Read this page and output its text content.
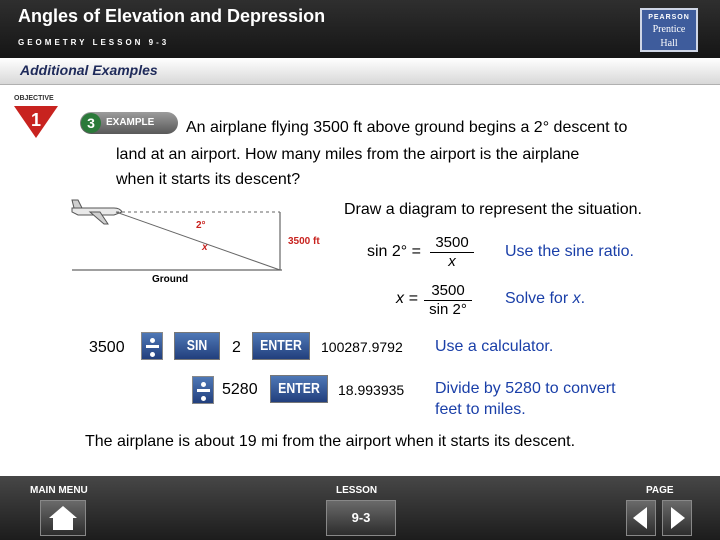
Angles of Elevation and Depression
GEOMETRY LESSON 9-3
PEARSON
Prentice
Hall
Additional Examples
OBJECTIVE
1	3	EXAMPLE An airplane flying 3500 ft above ground begins a 2° descent to
land at an airport. How many miles from the airport is the airplane
when it starts its descent?
Draw a diagram to represent the situation.
2°
x
3500 ft
Ground
$\sin 2^\circ = \frac{3500}{x}$ Use the sine ratio.
$x = \frac{3500}{\sin 2^\circ}$ Solve for x.
3500	SIN	2 ENTER 100287.9792 Use a calculator.
5280 ENTER 18.993935 Divide by 5280 to convert
feet to miles.
The airplane is about 19 mi from the airport when it starts its descent.
MAIN MENU	LESSON	PAGE
9-3
